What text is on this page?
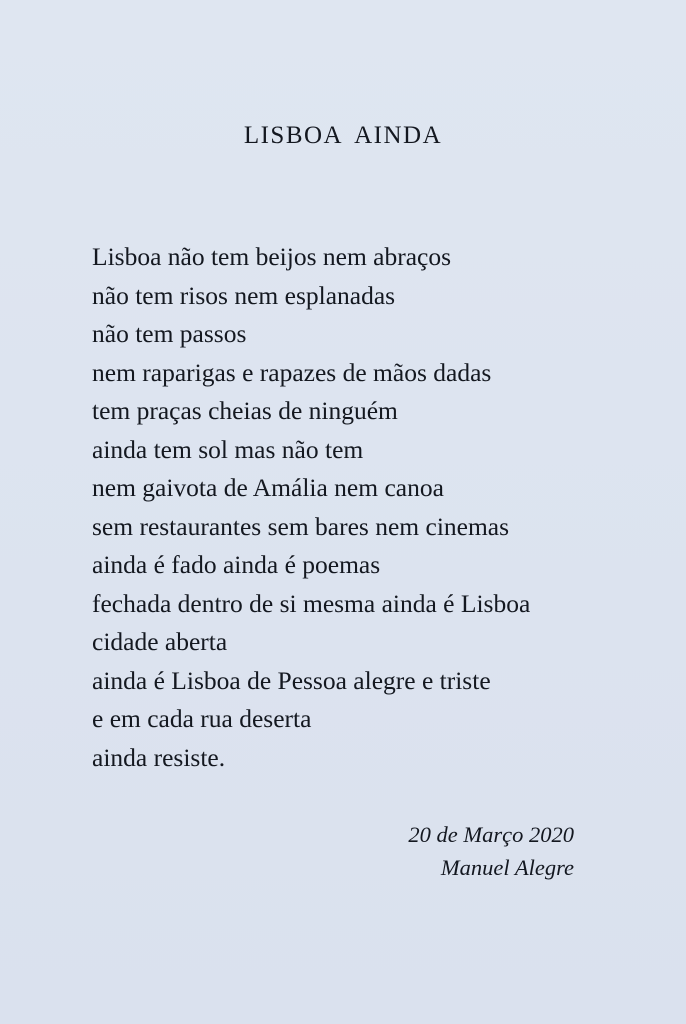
LISBOA AINDA
Lisboa não tem beijos nem abraços
não tem risos nem esplanadas
não tem passos
nem raparigas e rapazes de mãos dadas
tem praças cheias de ninguém
ainda tem sol mas não tem
nem gaivota de Amália nem canoa
sem restaurantes sem bares nem cinemas
ainda é fado ainda é poemas
fechada dentro de si mesma ainda é Lisboa
cidade aberta
ainda é Lisboa de Pessoa alegre e triste
e em cada rua deserta
ainda resiste.
20 de Março 2020
Manuel Alegre
